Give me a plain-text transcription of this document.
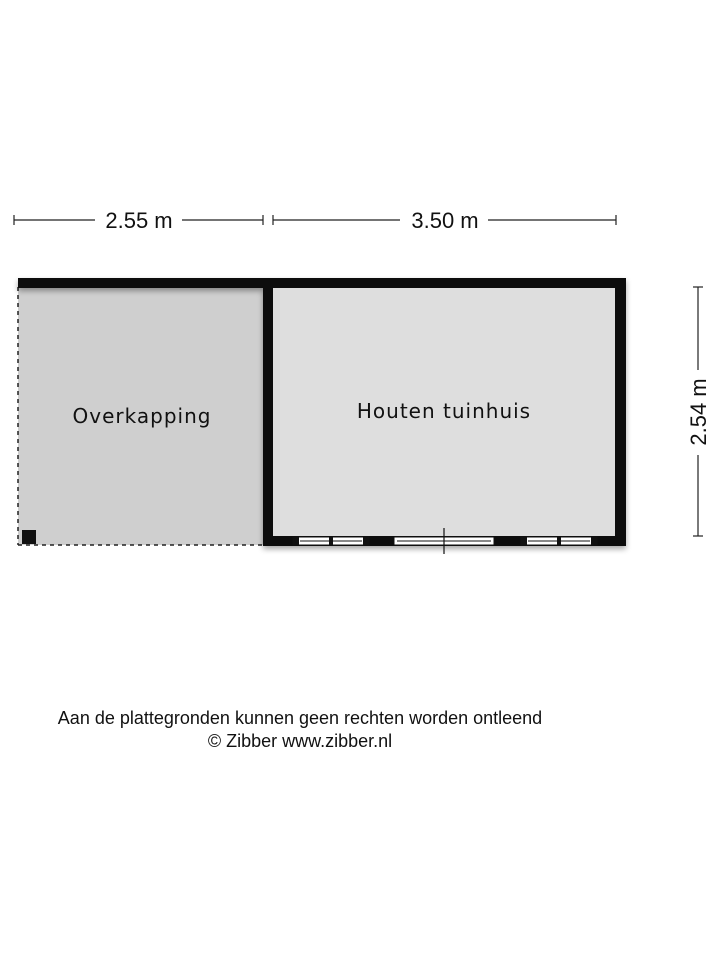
2.55 m	3.50 m
2.54 m
Overkapping	Houten tuinhuis
Aan de plattegronden kunnen geen rechten worden ontleend
© Zibber www.zibber.nl
